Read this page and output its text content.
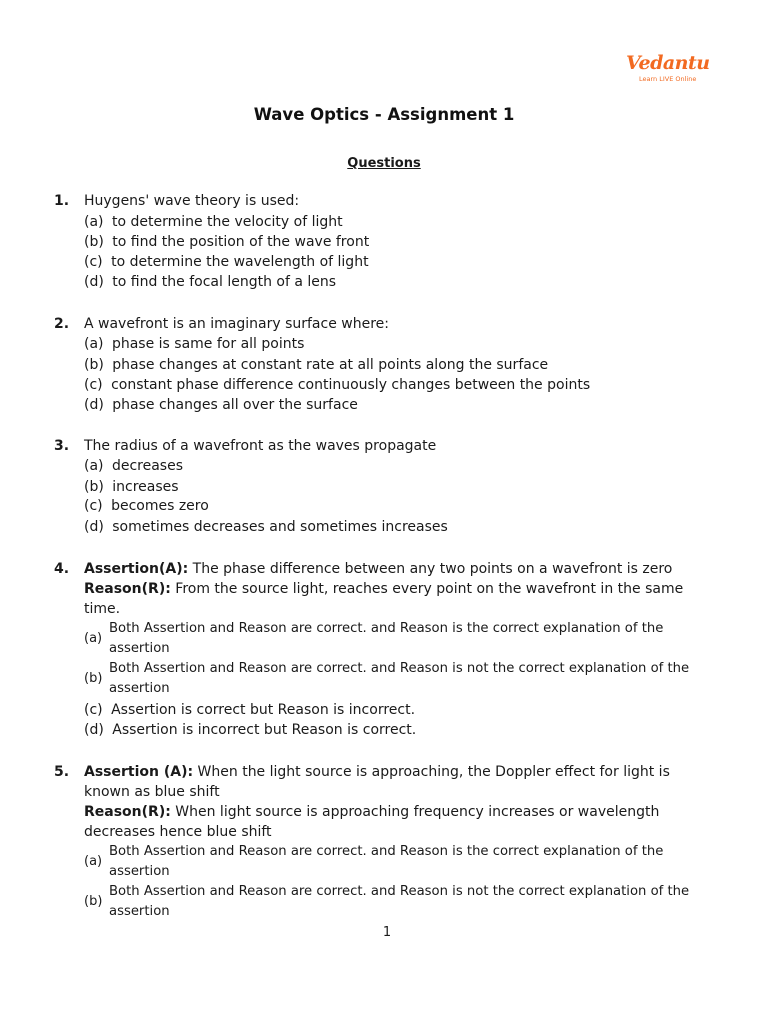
Vedantu
Learn LIVE Online
Wave Optics - Assignment 1
Questions
1. Huygens' wave theory is used:
(a) to determine the velocity of light
(b) to find the position of the wave front
(c) to determine the wavelength of light
(d) to find the focal length of a lens
2. A wavefront is an imaginary surface where:
(a) phase is same for all points
(b) phase changes at constant rate at all points along the surface
(c) constant phase difference continuously changes between the points
(d) phase changes all over the surface
3. The radius of a wavefront as the waves propagate
(a) decreases
(b) increases
(c) becomes zero
(d) sometimes decreases and sometimes increases
4. Assertion(A): The phase difference between any two points on a wavefront is zero
Reason(R): From the source light, reaches every point on the wavefront in the same
time.
(a)
Both Assertion and Reason are correct. and Reason is the correct explanation of the assertion
(b)
Both Assertion and Reason are correct. and Reason is not the correct explanation of the assertion
(c) Assertion is correct but Reason is incorrect.
(d) Assertion is incorrect but Reason is correct.
5. Assertion (A): When the light source is approaching, the Doppler effect for light is
known as blue shift
Reason(R): When light source is approaching frequency increases or wavelength
decreases hence blue shift
(a)
Both Assertion and Reason are correct. and Reason is the correct explanation of the assertion
(b)
Both Assertion and Reason are correct. and Reason is not the correct explanation of the assertion
1
